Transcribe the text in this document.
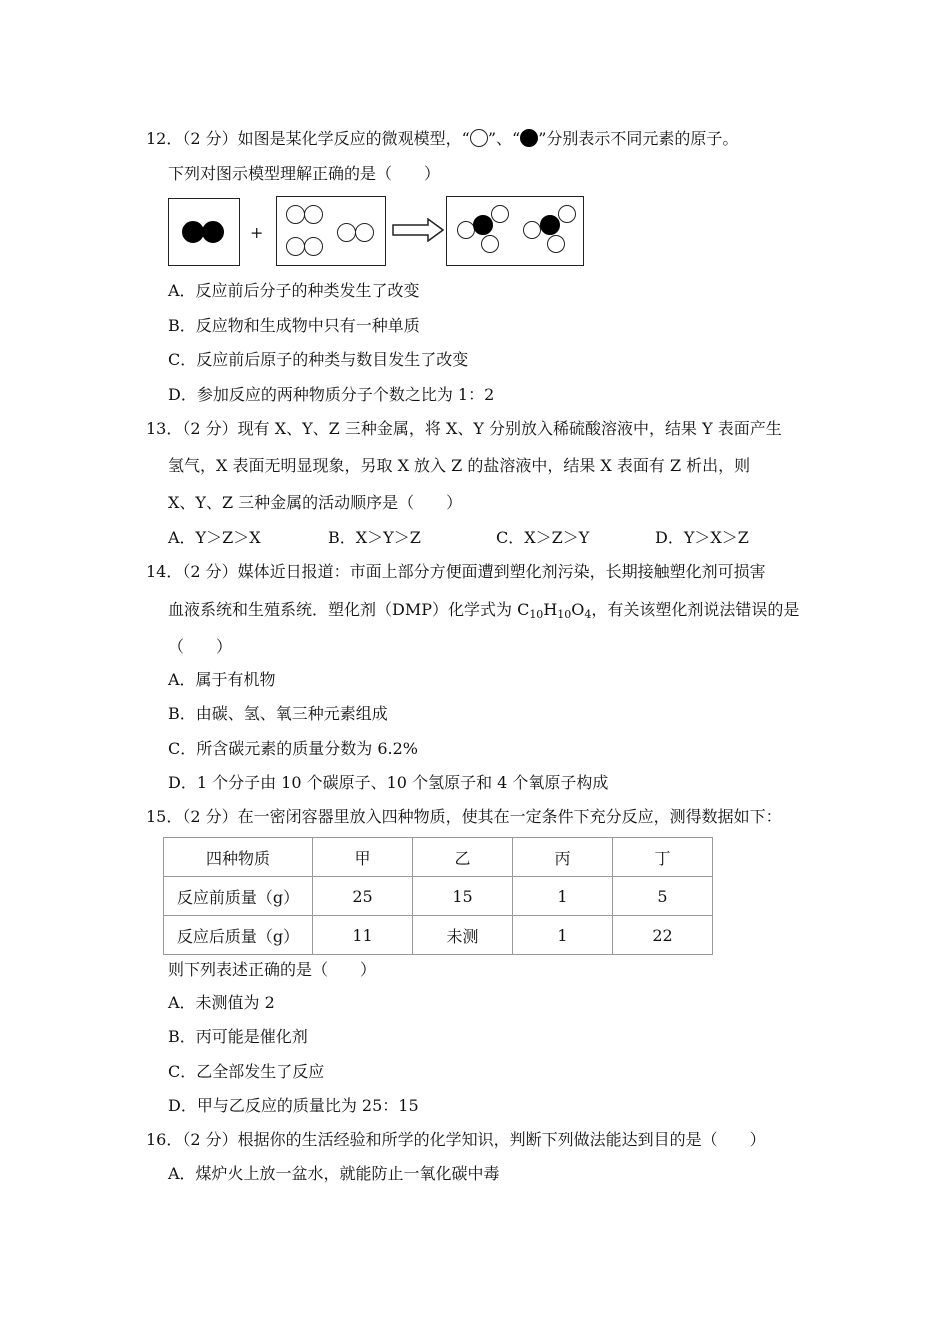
12．（2 分）如图是某化学反应的微观模型，“ ”、“ ”分别表示不同元素的原子。
下列对图示模型理解正确的是（　　）
+
A．反应前后分子的种类发生了改变
B．反应物和生成物中只有一种单质
C．反应前后原子的种类与数目发生了改变
D．参加反应的两种物质分子个数之比为 1：2
13．（2 分）现有 X、Y、Z 三种金属，将 X、Y 分别放入稀硫酸溶液中，结果 Y 表面产生
氢气，X 表面无明显现象，另取 X 放入 Z 的盐溶液中，结果 X 表面有 Z 析出，则
X、Y、Z 三种金属的活动顺序是（　　）
A．Y＞Z＞X	B．X＞Y＞Z	C．X＞Z＞Y	D．Y＞X＞Z
14．（2 分）媒体近日报道：市面上部分方便面遭到塑化剂污染，长期接触塑化剂可损害
血液系统和生殖系统．塑化剂（DMP）化学式为 $C_{10}H_{10}O_4$，有关该塑化剂说法错误的是
（　　）
A．属于有机物
B．由碳、氢、氧三种元素组成
C．所含碳元素的质量分数为 6.2%
D．1 个分子由 10 个碳原子、10 个氢原子和 4 个氧原子构成
15．（2 分）在一密闭容器里放入四种物质，使其在一定条件下充分反应，测得数据如下：
四种物质	甲	乙	丙	丁
反应前质量（g）	25	15	1	5
反应后质量（g）	11	未测	1	22
则下列表述正确的是（　　）
A．未测值为 2
B．丙可能是催化剂
C．乙全部发生了反应
D．甲与乙反应的质量比为 25：15
16．（2 分）根据你的生活经验和所学的化学知识，判断下列做法能达到目的是（　　）
A．煤炉火上放一盆水，就能防止一氧化碳中毒
